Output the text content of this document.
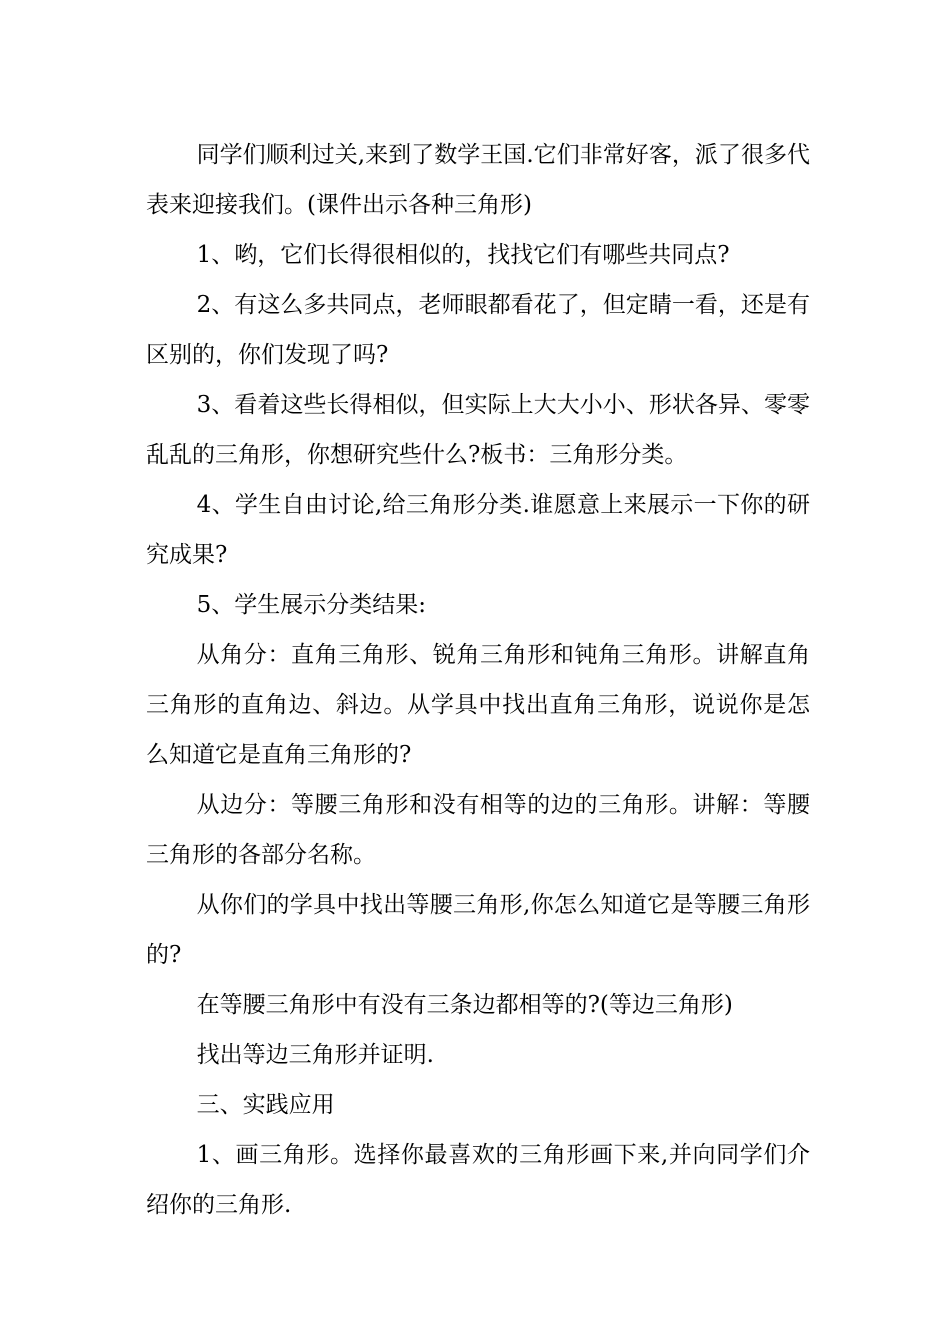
同学们顺利过关,来到了数学王国.它们非常好客，派了很多代表来迎接我们。(课件出示各种三角形)

1、哟，它们长得很相似的，找找它们有哪些共同点?

2、有这么多共同点，老师眼都看花了，但定睛一看，还是有区别的，你们发现了吗?

3、看着这些长得相似，但实际上大大小小、形状各异、零零乱乱的三角形，你想研究些什么?板书：三角形分类。

4、学生自由讨论,给三角形分类.谁愿意上来展示一下你的研究成果?

5、学生展示分类结果:

从角分：直角三角形、锐角三角形和钝角三角形。讲解直角三角形的直角边、斜边。从学具中找出直角三角形，说说你是怎么知道它是直角三角形的?

从边分：等腰三角形和没有相等的边的三角形。讲解：等腰三角形的各部分名称。

从你们的学具中找出等腰三角形,你怎么知道它是等腰三角形的?

在等腰三角形中有没有三条边都相等的?(等边三角形)

找出等边三角形并证明.

三、实践应用

1、画三角形。选择你最喜欢的三角形画下来,并向同学们介绍你的三角形.
